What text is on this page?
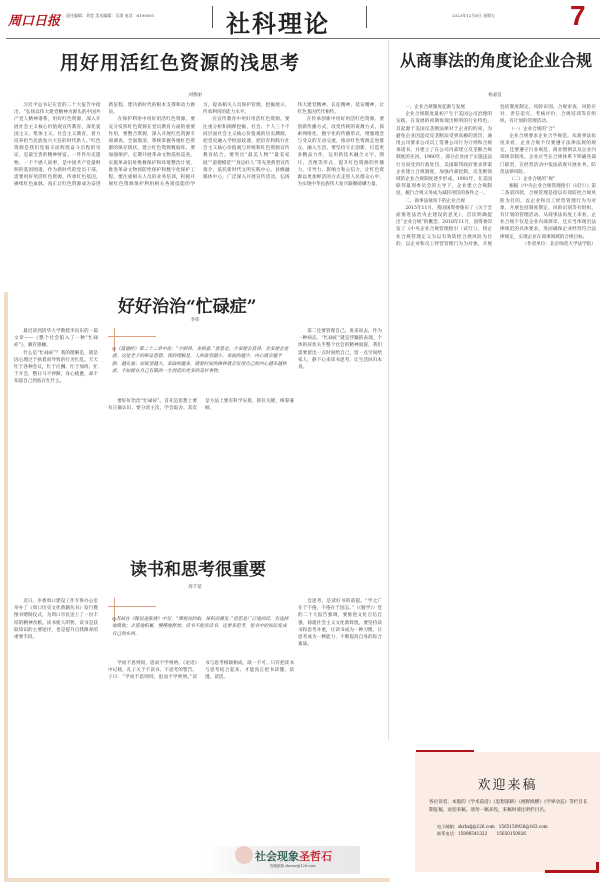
周口日报 责任编辑：刘莹 美术编辑：吾琪 电话：6199501	社科理论	2023年12月8日 星期五	7
用好用活红色资源的浅思考
刘燕丽

习近平总书记在党的二十大报告中指出，“弘扬以伟大建党精神为源头的中国共产党人精神谱系，用好红色资源，深入开展社会主义核心价值观宣传教育，深化爱国主义、集体主义、社会主义教育，着力培养担当民族复兴大任的时代新人。”红色资源是我们党艰辛而辉煌奋斗历程的见证，是最宝贵的精神财富。一件件历史遗物、一个个感人故事，是中国共产党最鲜明的基因图谱，作为新时代的党员干部，需要用好用活红色资源，传承红色基因，赓续红色血脉，真正让红色资源成为奋进新征程、建功新时代的根本支撑和动力源泉。

在保护利用中用好用活红色资源。要充分发挥红色资源在党员教育方面的重要作用，要整合资源，深入开展红色资源专项调查，全面摸清、系统掌握各地红色资源的保存现状，建立红色资源数据库。要加强保护，定期开展革命文物巡检巡查，实施革命旧址维修保护和环境整治计划，推进革命文物预防性保护和数字化保护工程。要注重相关人员的业务培训，积极开展红色资源保护利用相关各项技能的学习，提高相关人员保护管理、挖掘展示、传承利用的能力水平。

在宣传教育中用好用活红色资源。要注重分析和阐释挖掘，社会、个人三个不同层面社会主义核心价值观的历史渊源，把党史融入学校思政课，把培育和践行社会主义核心价值观与传统和红色资源宣传教育结合。要突出“最美人物”“最美家庭”“道德模范”“身边好人”等先进典型宣传推介，依托新时代文明实践中心、县级融媒体中心，广泛深入开展宣传活动，弘扬伟大建党精神、长征精神、延安精神，让红色基因代代相传。

在传承创新中用好用活红色资源。要创新传播方式，改变传统的说教方式，探索网络化、数字化的传播形式，增强理念与受众的互动交流，推动红色资源走进群众、融入生活。要坚持守正创新，打造更多精品力作，运用新技术融合文字、图片、音像等形式，提升红色资源的传播力、引导力、影响力和公信力，让红色资源以更加鲜活的方式走进人民群众心中，为实现中华民族伟大复兴凝聚磅礴力量。

从商事法的角度论企业合规
杨嘉仪

一、企业合规制度起源与发展

企业合规制度最初产生于美国公司治理的实践，在发展的初期体现出鲜明的行业特色。其起源于美国反垄断法律对于企业的约束，为避免企业因违反反垄断法受到高额的惩罚，通用公司要求公司员工签署公司行为守则和合规承诺书，并建立了在公司内部建立反垄断合规制度的先河。1960年，部分企业由于实施违法行为而受到行政处罚，美国联邦政府要求涉案企业建立合规制度，加强内部控制，反垄断领域的企业合规制度逐步形成。1991年，在美国联邦量刑委员会的主导下，企业建立合规制度，履行合规义务成为减轻刑罚的条件之一。

二、商事法视角下的企业合规

2015年11月，我国国资委颁布了《关于全面推进法治央企建设的意见》，首次明确提出“企业合规”的概念。2018年11月，国资委印发了《中央企业合规管理指引（试行）》，将企业合规管理定义为以有效防控合规风险为目的，以企业和员工经营管理行为为对象，开展包括制度制定、风险识别、合规审查、风险应对、责任追究、考核评价、合规培训等有组织、有计划的管理活动。

（一）企业合规的“合”

企业合规要求企业合乎规范。从商事法角度来看，企业合规不仅要遵守法律法规的规定，还要遵守行业规范、商业惯例以及企业内部规章制度。企业应当在合规体系下明确各部门职责，在经营活动中依法依规开展业务，防范法律风险。

（二）企业合规的“规”

根据《中央企业合规管理指引（试行）》第二条第四款，合规管理是指以有效防控合规风险为目的，以企业和员工经营管理行为为对象，开展包括制度制定、风险识别等有组织、有计划的管理活动。从商事法角度上来看，企业合规不仅是企业内部规章，还应当体现出法律规范的具体要求，进而确保企业经营符合法律规定，实现企业在商事领域的合规目标。

（作者单位：北京师范大学法学院）

好好治治“忙碌症”
李伟

最近读到清华大学教授李向东的一篇文章——《整个社会陷入了一种“忙碌症”》，颇有感触。

什么是“忙碌症”？我的理解是，就是因心理过于执着而导致的行为忙乱。天天忙于各种会议，忙于应酬、忙于加班、忙于开会，整日马不停蹄，身心疲惫，却不知道自己到底在忙什么。

◎《道德经》第二十二章中说：“少则得，多则惑。”意思是，少拿便会获得，贪多便会迷惑。这是老子的辩证思想。我的理解是，人的欲望越小，拿取的越少，内心就会越平静、越充盈；而欲望越大，拿取的越多，随着时间的推移就会发现自己的内心越来越焦虑，不如就在自己有限的一生创造出更多的美好事物。

要好好治治“忙碌症”。首先是思想上要有正确认识，要分清主次，学会取舍。其次是方法上要有科学安排，抓住关键，统筹兼顾。

第二还要管理自己。说来说去，作为一种病态，“忙碌症”就是浮躁的表现。个体的症状关乎整个社会的精神面貌，我们需要留出一点时间给自己，留一点空间给家人，静下心来读书思考，让生活回归本真。

读书和思考很重要
周千蓓

近日，市委周口建设工作专班办公室举办了《周口历史文化典籍丛书》发行暨图书赠阅仪式，为周口市民送上了一份丰厚的精神食粮。读书使人明智，读书是获取知识的主要途径，也是提升自我修养的重要手段。

◎苏轼在《稼说送张琥》中写：“博观而约取，厚积而薄发。”意思是广泛地阅读，有选择地吸收；丰富地积累，慢慢地释放。读书不能死读书，还要多思考，把书中的知识变成自己的东西。

学而不思则罔，思而不学则殆。《论语》中记载，孔子关于不读书、不思考的警告。子曰：“学而不思则罔，思而不学则殆。”读书与思考相辅相成，缺一不可。只有把读书与思考结合起来，才能真正把书读懂、读透、读活。

会思考，是读好书的前提。“学之广在于不倦，不倦在于固志。”（《勉学》）党的二十大报告强调，要推进文化自信自强，铸就社会主义文化新辉煌。要坚持读书和思考并重，让读书成为一种习惯，让思考成为一种能力，不断提高自身的综合素质。

社会现象圣哲石
投稿邮箱 shesxz@126.com
欢迎来稿
各位读者，本版的《学术前沿》《思想深耕》《视野纵横》《学界动态》等栏目长期征稿，欢迎来稿。请勿一稿多投，来稿时请注明栏目名。
电子邮箱：zkrbxlj@126.com 1565150926@163.com
联系电话：15896541322 15650150926
